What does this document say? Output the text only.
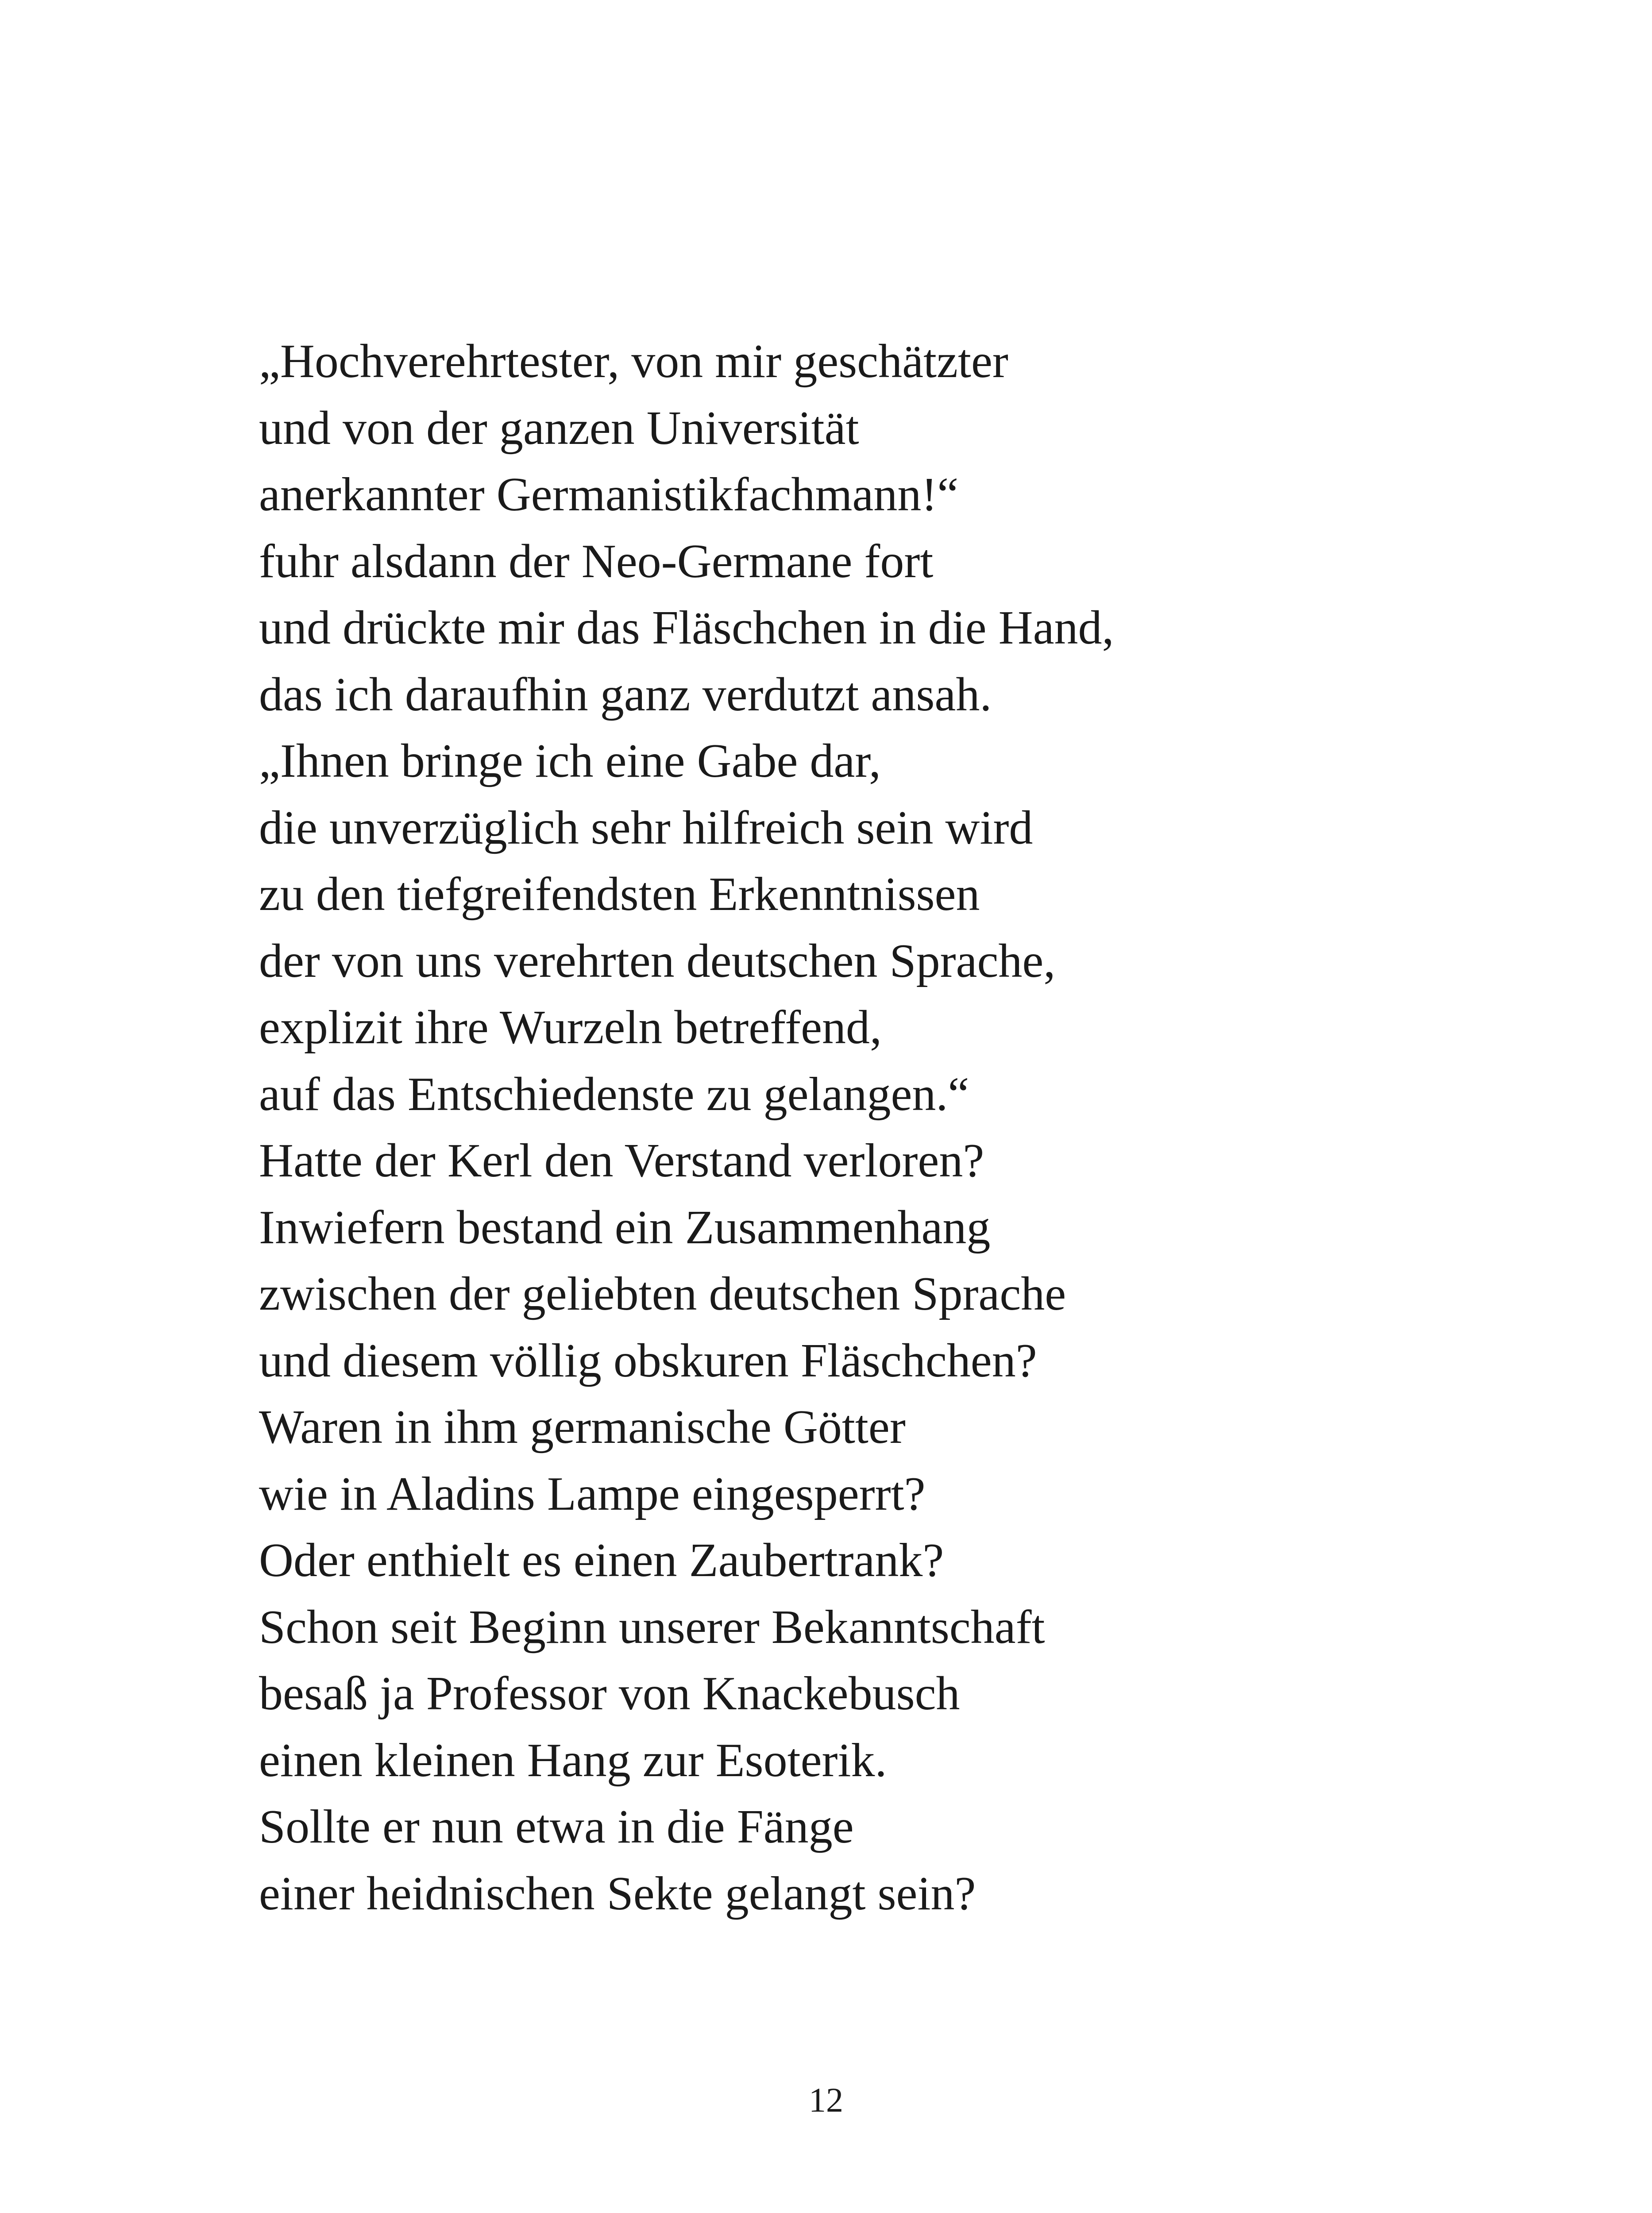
„Hochverehrtester, von mir geschätzter
und von der ganzen Universität
anerkannter Germanistikfachmann!“
fuhr alsdann der Neo-Germane fort
und drückte mir das Fläschchen in die Hand,
das ich daraufhin ganz verdutzt ansah.
„Ihnen bringe ich eine Gabe dar,
die unverzüglich sehr hilfreich sein wird
zu den tiefgreifendsten Erkenntnissen
der von uns verehrten deutschen Sprache,
explizit ihre Wurzeln betreffend,
auf das Entschiedenste zu gelangen.“
Hatte der Kerl den Verstand verloren?
Inwiefern bestand ein Zusammenhang
zwischen der geliebten deutschen Sprache
und diesem völlig obskuren Fläschchen?
Waren in ihm germanische Götter
wie in Aladins Lampe eingesperrt?
Oder enthielt es einen Zaubertrank?
Schon seit Beginn unserer Bekanntschaft
besaß ja Professor von Knackebusch
einen kleinen Hang zur Esoterik.
Sollte er nun etwa in die Fänge
einer heidnischen Sekte gelangt sein?
12
